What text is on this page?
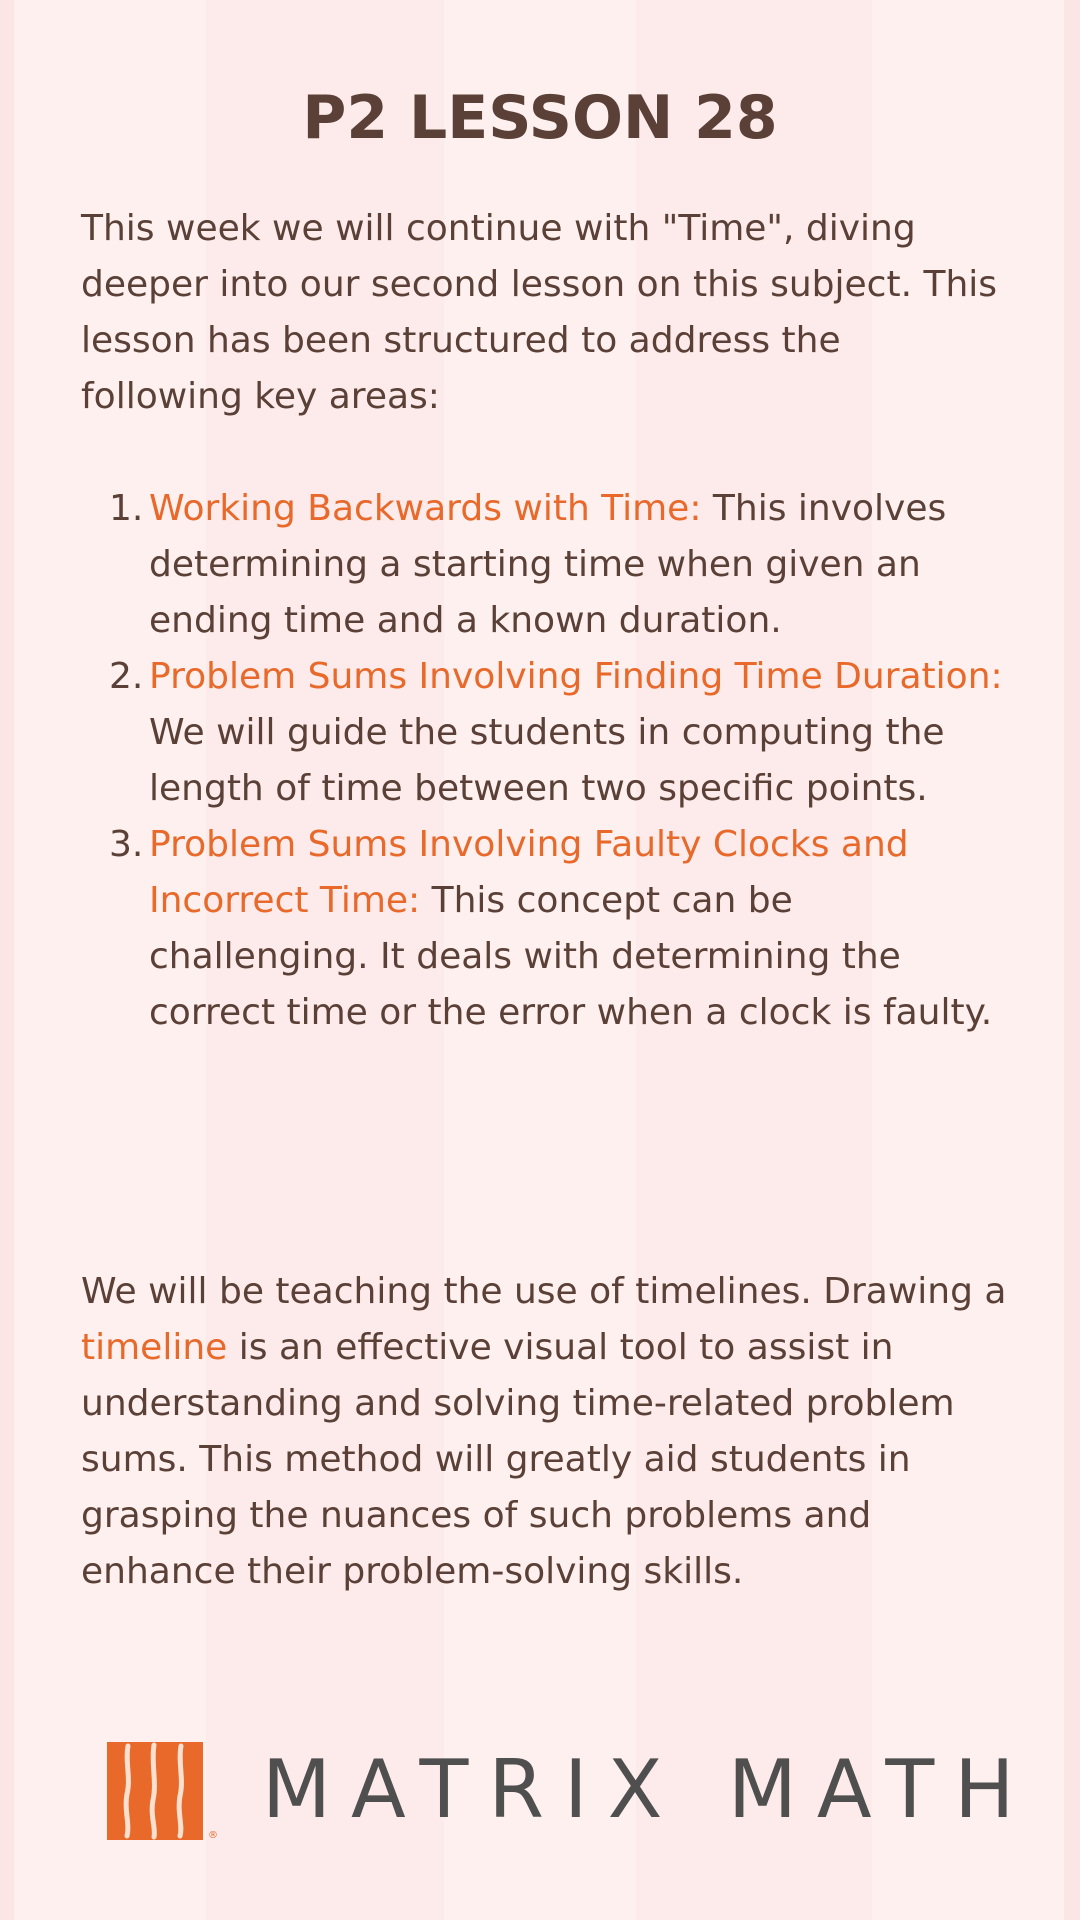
P2 LESSON 28

This week we will continue with "Time", diving deeper into our second lesson on this subject. This lesson has been structured to address the following key areas:

1. Working Backwards with Time: This involves determining a starting time when given an ending time and a known duration.
2. Problem Sums Involving Finding Time Duration: We will guide the students in computing the length of time between two specific points.
3. Problem Sums Involving Faulty Clocks and Incorrect Time: This concept can be challenging. It deals with determining the correct time or the error when a clock is faulty.

We will be teaching the use of timelines. Drawing a timeline is an effective visual tool to assist in understanding and solving time-related problem sums. This method will greatly aid students in grasping the nuances of such problems and enhance their problem-solving skills.

® MATRIX MATH
